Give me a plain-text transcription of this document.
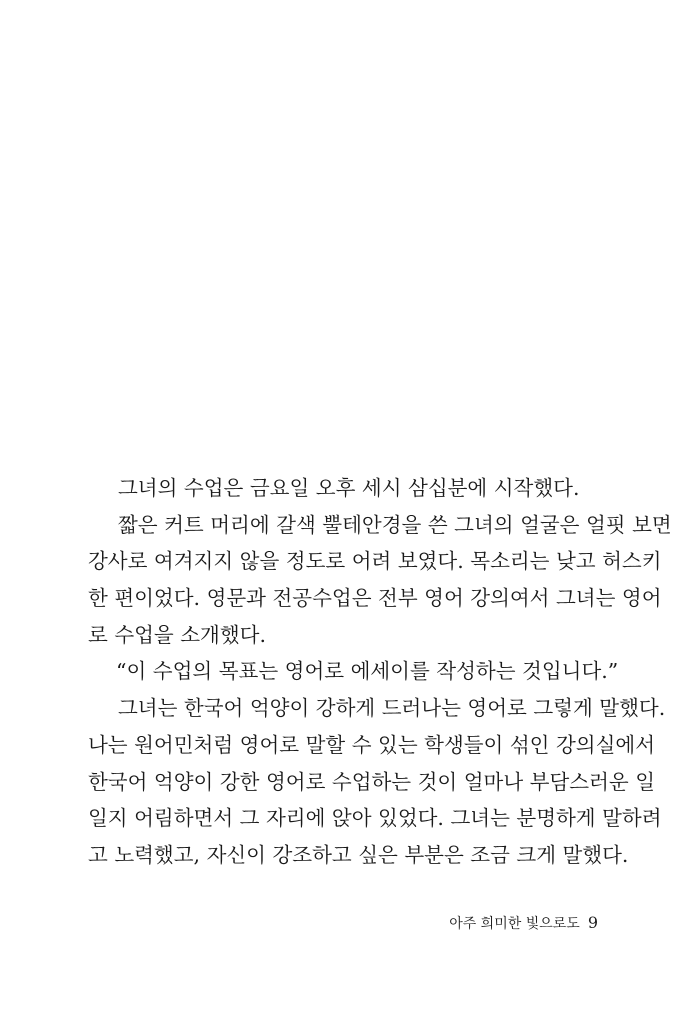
그녀의 수업은 금요일 오후 세시 삼십분에 시작했다.
짧은 커트 머리에 갈색 뿔테안경을 쓴 그녀의 얼굴은 얼핏 보면
강사로 여겨지지 않을 정도로 어려 보였다. 목소리는 낮고 허스키
한 편이었다. 영문과 전공수업은 전부 영어 강의여서 그녀는 영어
로 수업을 소개했다.
“이 수업의 목표는 영어로 에세이를 작성하는 것입니다.”
그녀는 한국어 억양이 강하게 드러나는 영어로 그렇게 말했다.
나는 원어민처럼 영어로 말할 수 있는 학생들이 섞인 강의실에서
한국어 억양이 강한 영어로 수업하는 것이 얼마나 부담스러운 일
일지 어림하면서 그 자리에 앉아 있었다. 그녀는 분명하게 말하려
고 노력했고, 자신이 강조하고 싶은 부분은 조금 크게 말했다.
아주 희미한 빛으로도 9
